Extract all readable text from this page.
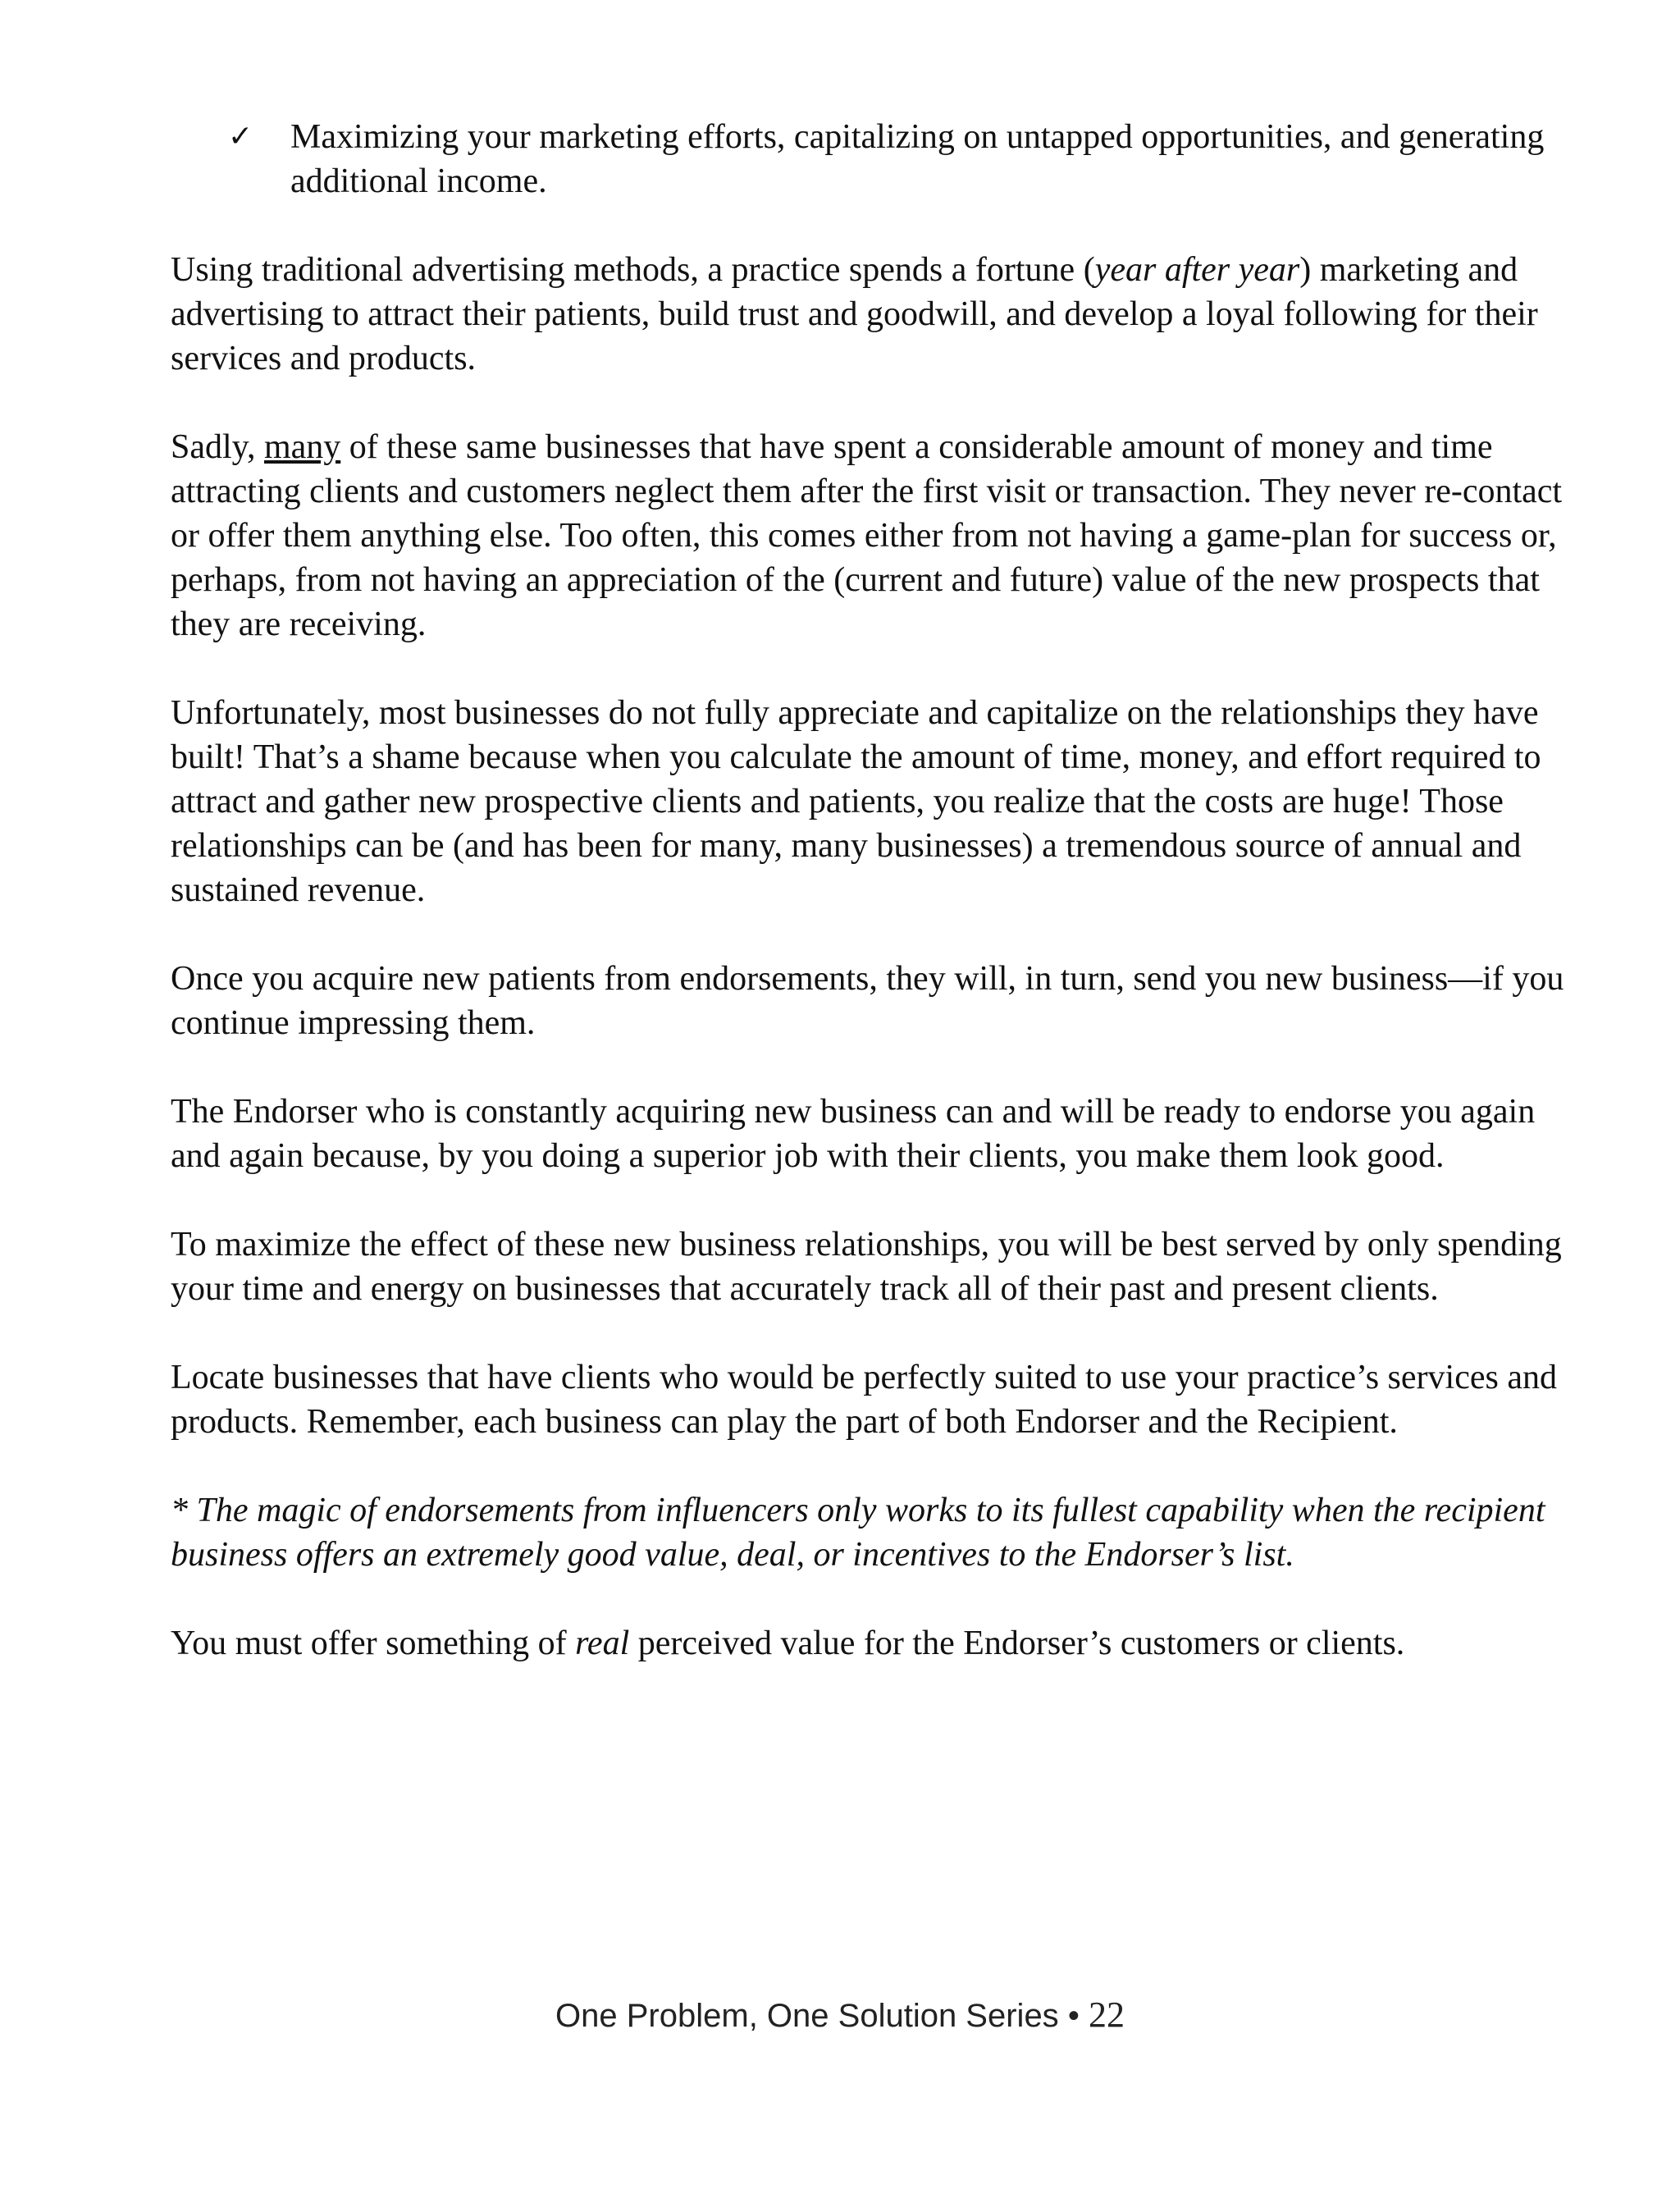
✓ Maximizing your marketing efforts, capitalizing on untapped opportunities, and generating additional income.

Using traditional advertising methods, a practice spends a fortune (year after year) marketing and advertising to attract their patients, build trust and goodwill, and develop a loyal following for their services and products.

Sadly, many of these same businesses that have spent a considerable amount of money and time attracting clients and customers neglect them after the first visit or transaction. They never re-contact or offer them anything else. Too often, this comes either from not having a game-plan for success or, perhaps, from not having an appreciation of the (current and future) value of the new prospects that they are receiving.

Unfortunately, most businesses do not fully appreciate and capitalize on the relationships they have built! That’s a shame because when you calculate the amount of time, money, and effort required to attract and gather new prospective clients and patients, you realize that the costs are huge! Those relationships can be (and has been for many, many businesses) a tremendous source of annual and sustained revenue.

Once you acquire new patients from endorsements, they will, in turn, send you new business—if you continue impressing them.

The Endorser who is constantly acquiring new business can and will be ready to endorse you again and again because, by you doing a superior job with their clients, you make them look good.

To maximize the effect of these new business relationships, you will be best served by only spending your time and energy on businesses that accurately track all of their past and present clients.

Locate businesses that have clients who would be perfectly suited to use your practice’s services and products. Remember, each business can play the part of both Endorser and the Recipient.

* The magic of endorsements from influencers only works to its fullest capability when the recipient business offers an extremely good value, deal, or incentives to the Endorser’s list.

You must offer something of real perceived value for the Endorser’s customers or clients.

One Problem, One Solution Series • 22
